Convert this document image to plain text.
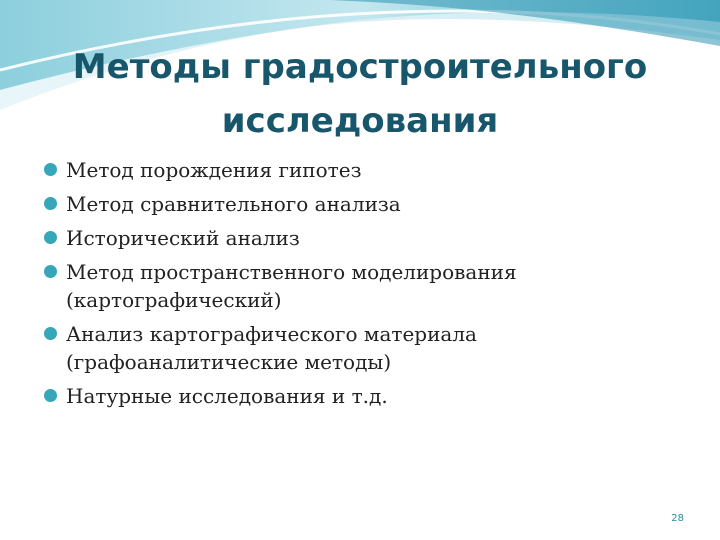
Методы градостроительного
исследования
Метод порождения гипотез
Метод сравнительного анализа
Исторический анализ
Метод пространственного моделирования (картографический)
Анализ картографического материала (графоаналитические методы)
Натурные исследования и т.д.
28
